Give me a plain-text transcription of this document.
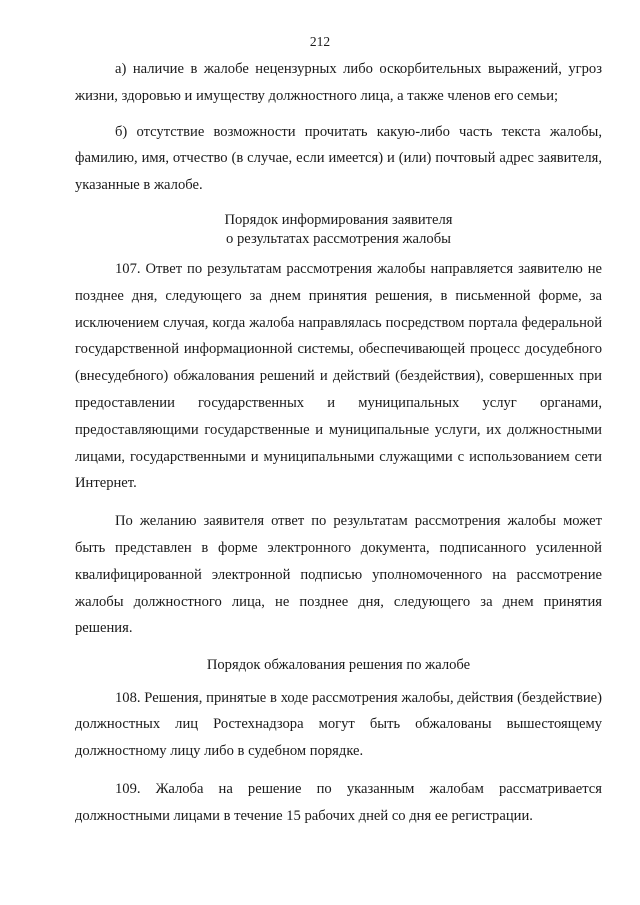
212

а) наличие в жалобе нецензурных либо оскорбительных выражений, угроз жизни, здоровью и имуществу должностного лица, а также членов его семьи;

б) отсутствие возможности прочитать какую-либо часть текста жалобы, фамилию, имя, отчество (в случае, если имеется) и (или) почтовый адрес заявителя, указанные в жалобе.

Порядок информирования заявителя
о результатах рассмотрения жалобы

107. Ответ по результатам рассмотрения жалобы направляется заявителю не позднее дня, следующего за днем принятия решения, в письменной форме, за исключением случая, когда жалоба направлялась посредством портала федеральной государственной информационной системы, обеспечивающей процесс досудебного (внесудебного) обжалования решений и действий (бездействия), совершенных при предоставлении государственных и муниципальных услуг органами, предоставляющими государственные и муниципальные услуги, их должностными лицами, государственными и муниципальными служащими с использованием сети Интернет.

По желанию заявителя ответ по результатам рассмотрения жалобы может быть представлен в форме электронного документа, подписанного усиленной квалифицированной электронной подписью уполномоченного на рассмотрение жалобы должностного лица, не позднее дня, следующего за днем принятия решения.

Порядок обжалования решения по жалобе

108. Решения, принятые в ходе рассмотрения жалобы, действия (бездействие) должностных лиц Ростехнадзора могут быть обжалованы вышестоящему должностному лицу либо в судебном порядке.

109. Жалоба на решение по указанным жалобам рассматривается должностными лицами в течение 15 рабочих дней со дня ее регистрации.
